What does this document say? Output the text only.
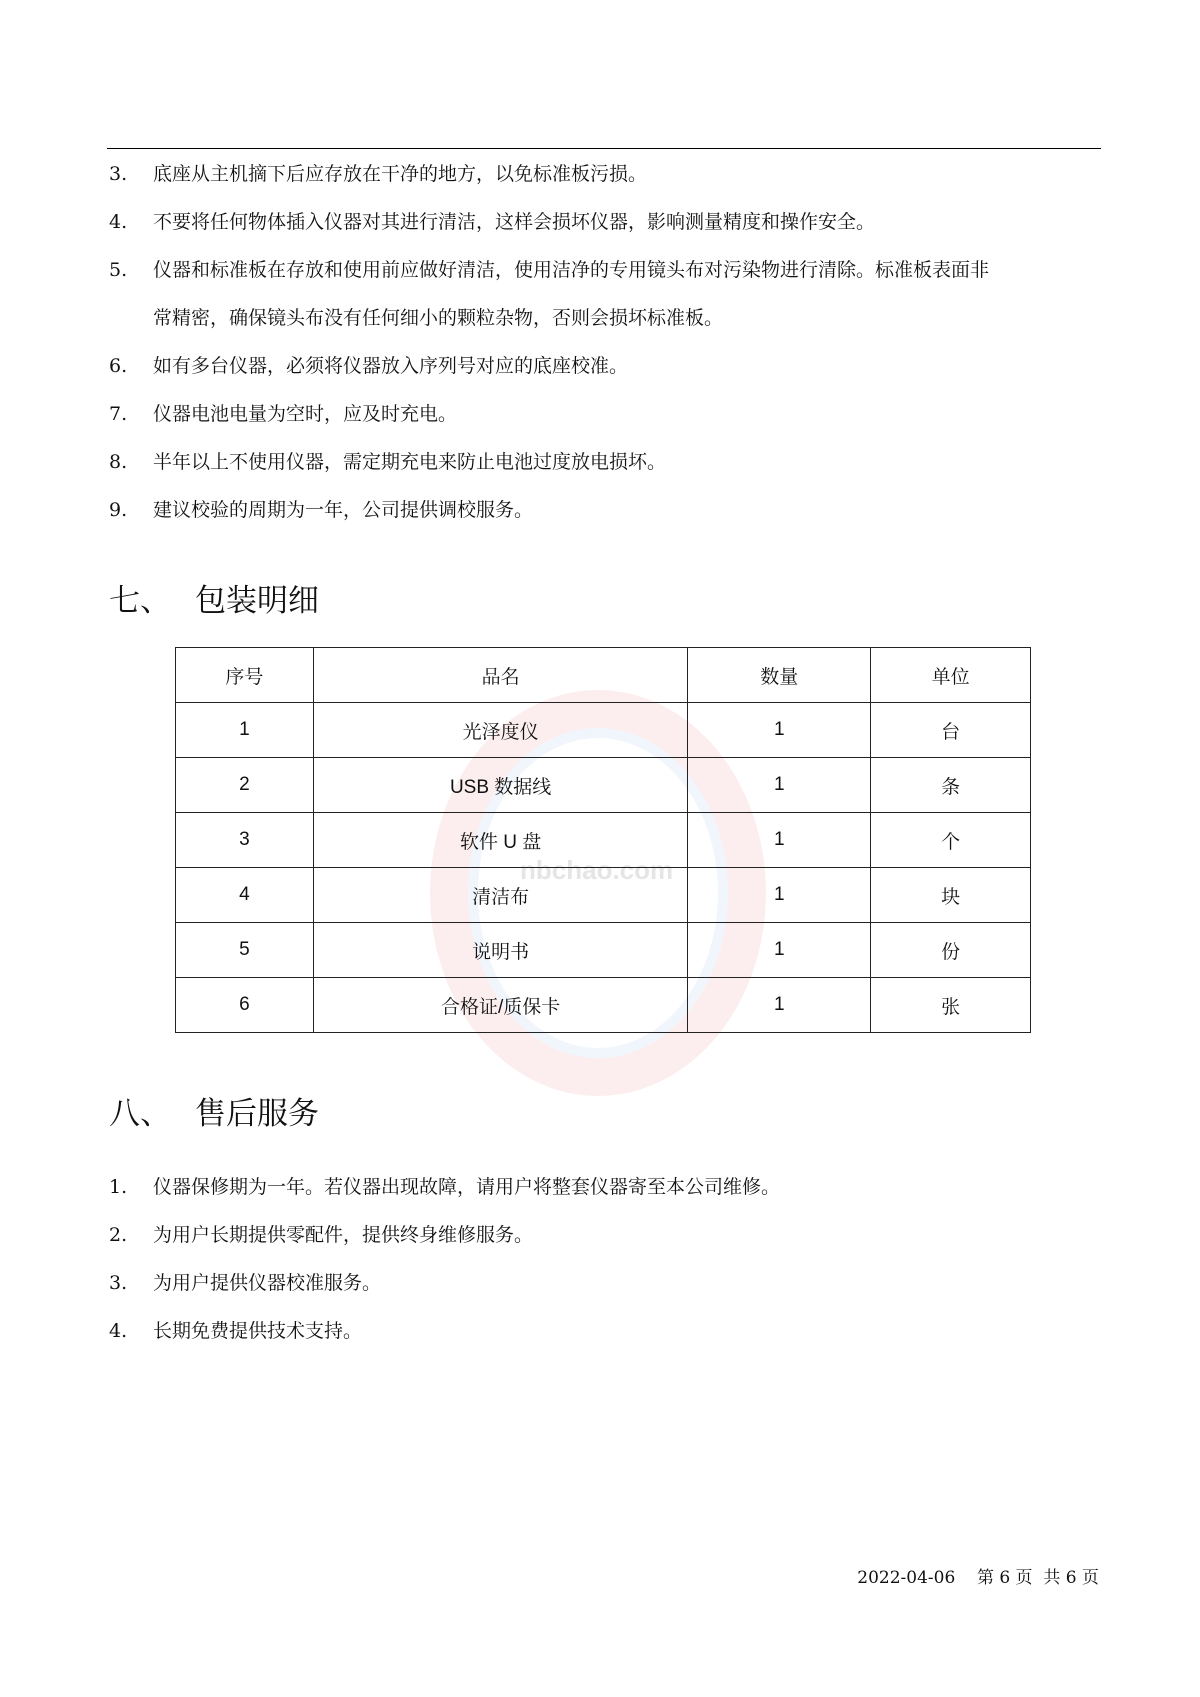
nbchao.com
3.	底座从主机摘下后应存放在干净的地方，以免标准板污损。
4.	不要将任何物体插入仪器对其进行清洁，这样会损坏仪器，影响测量精度和操作安全。
5.	仪器和标准板在存放和使用前应做好清洁，使用洁净的专用镜头布对污染物进行清除。标准板表面非
常精密，确保镜头布没有任何细小的颗粒杂物，否则会损坏标准板。
6.	如有多台仪器，必须将仪器放入序列号对应的底座校准。
7.	仪器电池电量为空时，应及时充电。
8.	半年以上不使用仪器，需定期充电来防止电池过度放电损坏。
9.	建议校验的周期为一年，公司提供调校服务。
七、 包装明细
序号	品名	数量	单位
1	光泽度仪	1	台
2	USB 数据线	1	条
3	软件 U 盘	1	个
4	清洁布	1	块
5	说明书	1	份
6	合格证/质保卡	1	张
八、 售后服务
1.	仪器保修期为一年。若仪器出现故障，请用户将整套仪器寄至本公司维修。
2.	为用户长期提供零配件，提供终身维修服务。
3.	为用户提供仪器校准服务。
4.	长期免费提供技术支持。
2022-04-06 第 6 页 共 6 页
